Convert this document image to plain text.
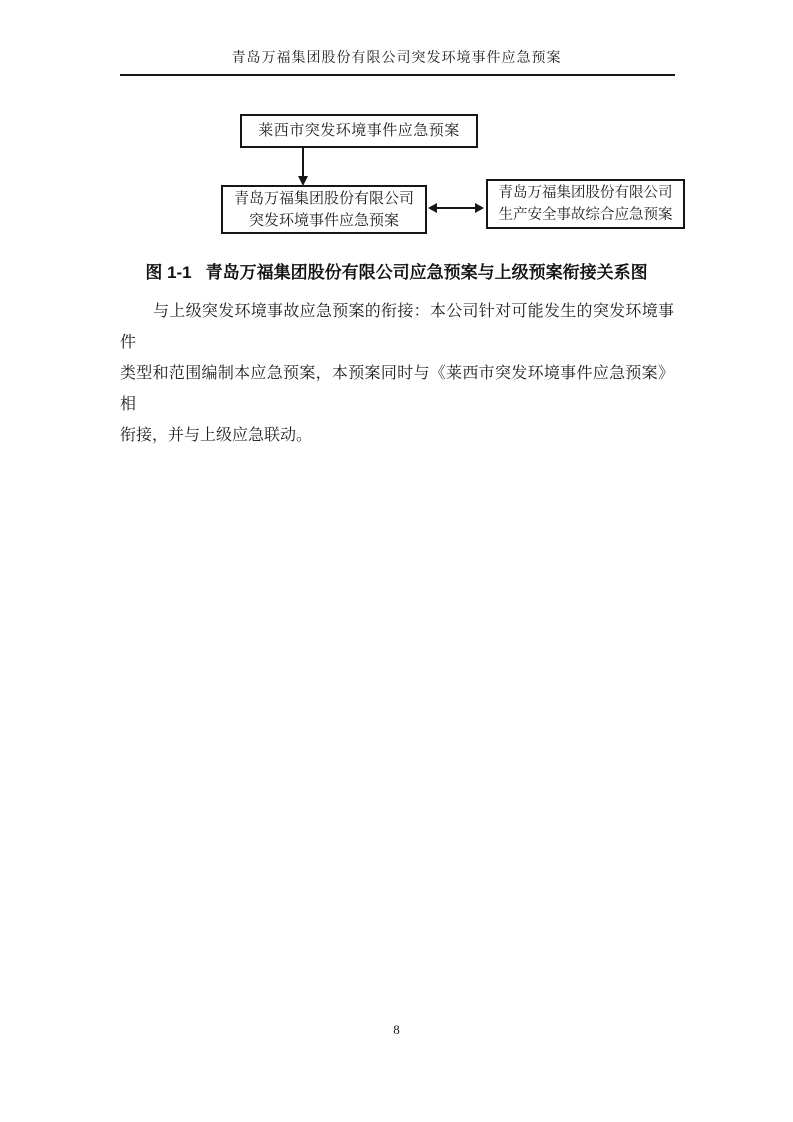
青岛万福集团股份有限公司突发环境事件应急预案
莱西市突发环境事件应急预案
青岛万福集团股份有限公司
突发环境事件应急预案
青岛万福集团股份有限公司
生产安全事故综合应急预案
图 1-1 青岛万福集团股份有限公司应急预案与上级预案衔接关系图
与上级突发环境事故应急预案的衔接：本公司针对可能发生的突发环境事件
类型和范围编制本应急预案，本预案同时与《莱西市突发环境事件应急预案》相
衔接，并与上级应急联动。
8
